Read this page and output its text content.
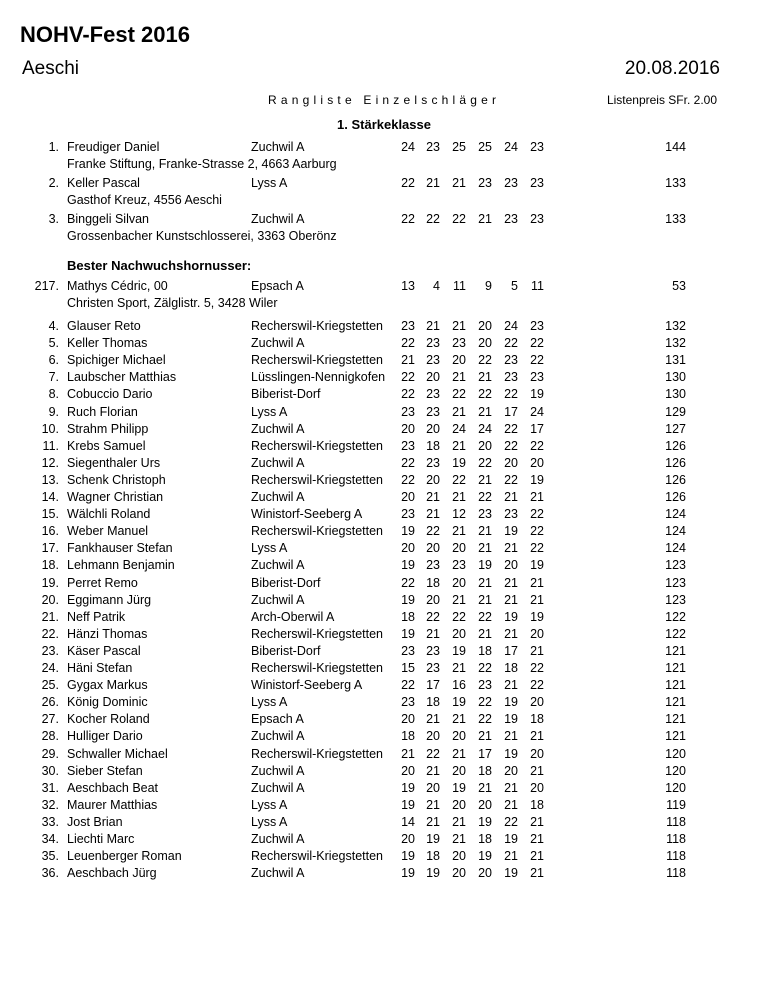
NOHV-Fest 2016
Aeschi	20.08.2016
Rangliste Einzelschläger	Listenpreis SFr. 2.00
1. Stärkeklasse
Bester Nachwuchshornusser:
1. Freudiger Daniel	Zuchwil A	24 23 25 25 24 23	144
Franke Stiftung, Franke-Strasse 2, 4663 Aarburg
2. Keller Pascal	Lyss A	22 21 21 23 23 23	133
Gasthof Kreuz, 4556 Aeschi
3. Binggeli Silvan	Zuchwil A	22 22 22 21 23 23	133
Grossenbacher Kunstschlosserei, 3363 Oberönz
217. Mathys Cédric, 00	Epsach A	13	4	11	9	5	11	53
Christen Sport, Zälglistr. 5, 3428 Wiler
4. Glauser Reto	Recherswil-Kriegstetten	23 21 21 20 24 23	132
5. Keller Thomas	Zuchwil A	22 23 23 20 22 22	132
6. Spichiger Michael	Recherswil-Kriegstetten	21 23 20 22 23 22	131
7. Laubscher Matthias	Lüsslingen-Nennigkofen	22 20 21 21 23 23	130
8. Cobuccio Dario	Biberist-Dorf	22 23 22 22 22 19	130
9. Ruch Florian	Lyss A	23 23 21 21 17 24	129
10. Strahm Philipp	Zuchwil A	20 20 24 24 22 17	127
11. Krebs Samuel	Recherswil-Kriegstetten	23 18 21 20 22 22	126
12. Siegenthaler Urs	Zuchwil A	22 23 19 22 20 20	126
13. Schenk Christoph	Recherswil-Kriegstetten	22 20 22 21 22 19	126
14. Wagner Christian	Zuchwil A	20 21 21 22 21 21	126
15. Wälchli Roland	Winistorf-Seeberg A	23 21 12 23 23 22	124
16. Weber Manuel	Recherswil-Kriegstetten	19 22 21 21 19 22	124
17. Fankhauser Stefan	Lyss A	20 20 20 21 21 22	124
18. Lehmann Benjamin	Zuchwil A	19 23 23 19 20 19	123
19. Perret Remo	Biberist-Dorf	22 18 20 21 21 21	123
20. Eggimann Jürg	Zuchwil A	19 20 21 21 21 21	123
21. Neff Patrik	Arch-Oberwil A	18 22 22 22 19 19	122
22. Hänzi Thomas	Recherswil-Kriegstetten	19 21 20 21 21 20	122
23. Käser Pascal	Biberist-Dorf	23 23 19 18 17 21	121
24. Häni Stefan	Recherswil-Kriegstetten	15 23 21 22 18 22	121
25. Gygax Markus	Winistorf-Seeberg A	22 17 16 23 21 22	121
26. König Dominic	Lyss A	23 18 19 22 19 20	121
27. Kocher Roland	Epsach A	20 21 21 22 19 18	121
28. Hulliger Dario	Zuchwil A	18 20 20 21 21 21	121
29. Schwaller Michael	Recherswil-Kriegstetten	21 22 21 17 19 20	120
30. Sieber Stefan	Zuchwil A	20 21 20 18 20 21	120
31. Aeschbach Beat	Zuchwil A	19 20 19 21 21 20	120
32. Maurer Matthias	Lyss A	19 21 20 20 21 18	119
33. Jost Brian	Lyss A	14 21 21 19 22 21	118
34. Liechti Marc	Zuchwil A	20 19 21 18 19 21	118
35. Leuenberger Roman	Recherswil-Kriegstetten	19 18 20 19 21 21	118
36. Aeschbach Jürg	Zuchwil A	19 19 20 20 19 21	118
